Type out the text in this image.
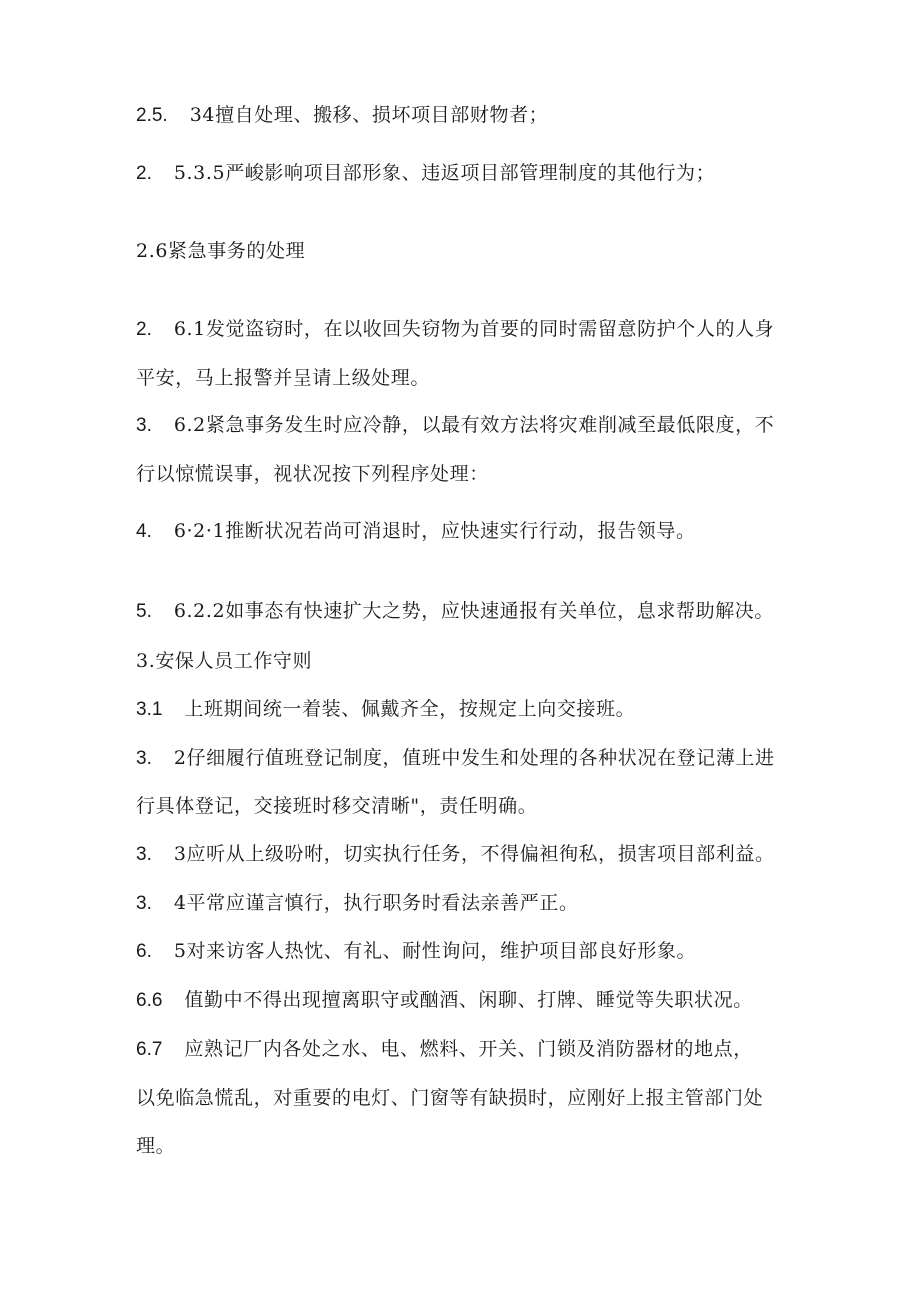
2.5. 34擅自处理、搬移、损坏项目部财物者；
2. 5.3.5严峻影响项目部形象、违返项目部管理制度的其他行为；
2.6紧急事务的处理
2. 6.1发觉盗窃时，在以收回失窃物为首要的同时需留意防护个人的人身
平安，马上报警并呈请上级处理。
3. 6.2紧急事务发生时应冷静，以最有效方法将灾难削减至最低限度，不
行以惊慌误事，视状况按下列程序处理：
4. 6·2·1推断状况若尚可消退时，应快速实行行动，报告领导。
5. 6.2.2如事态有快速扩大之势，应快速通报有关单位，息求帮助解决。
3.安保人员工作守则
3.1 上班期间统一着装、佩戴齐全，按规定上向交接班。
3. 2仔细履行值班登记制度，值班中发生和处理的各种状况在登记薄上进
行具体登记，交接班时移交清晰"，责任明确。
3. 3应听从上级吩咐，切实执行任务，不得偏袒徇私，损害项目部利益。
3. 4平常应谨言慎行，执行职务时看法亲善严正。
6. 5对来访客人热忱、有礼、耐性询问，维护项目部良好形象。
6.6 值勤中不得出现擅离职守或酗酒、闲聊、打牌、睡觉等失职状况。
6.7 应熟记厂内各处之水、电、燃料、开关、门锁及消防器材的地点，
以免临急慌乱，对重要的电灯、门窗等有缺损时，应刚好上报主管部门处
理。
